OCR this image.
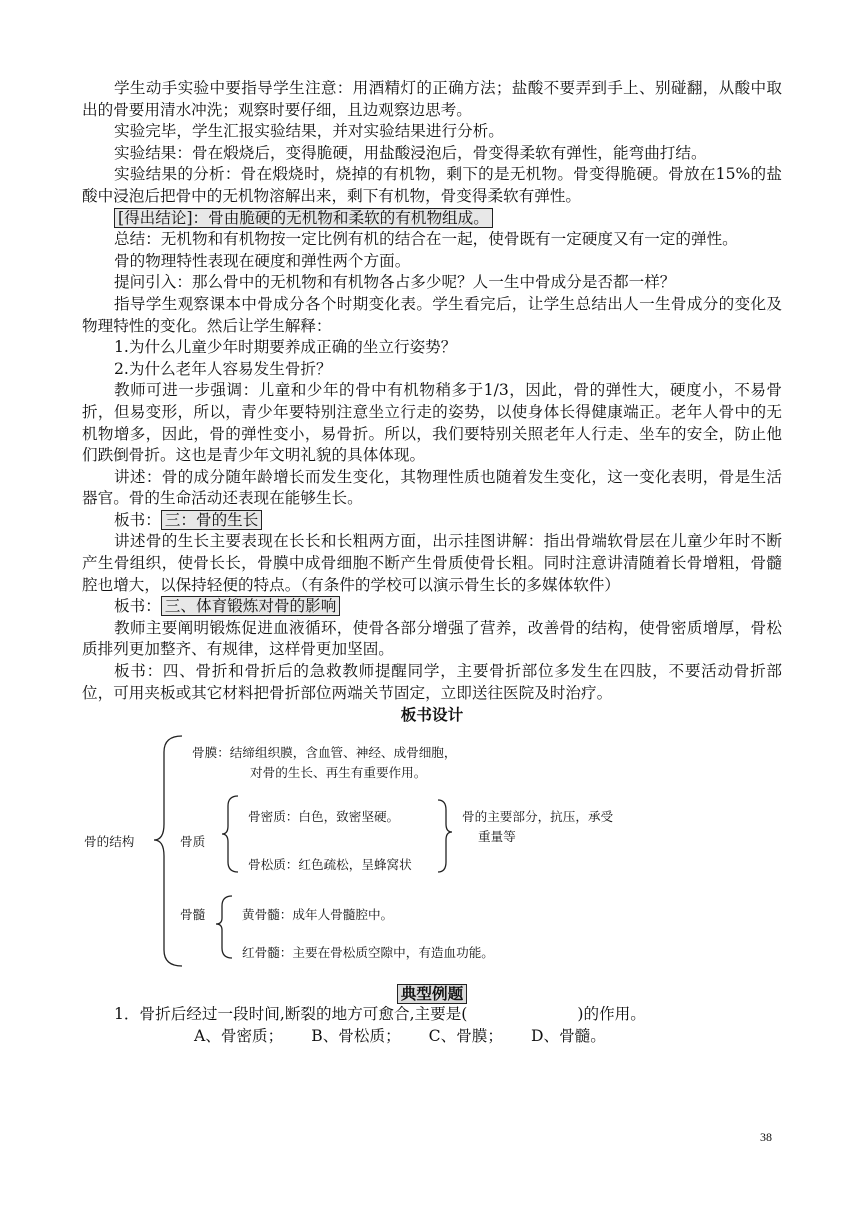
学生动手实验中要指导学生注意：用酒精灯的正确方法；盐酸不要弄到手上、别碰翻，从酸中取出的骨要用清水冲洗；观察时要仔细，且边观察边思考。

实验完毕，学生汇报实验结果，并对实验结果进行分析。

实验结果：骨在煅烧后，变得脆硬，用盐酸浸泡后，骨变得柔软有弹性，能弯曲打结。

实验结果的分析：骨在煅烧时，烧掉的有机物，剩下的是无机物。骨变得脆硬。骨放在15%的盐酸中浸泡后把骨中的无机物溶解出来，剩下有机物，骨变得柔软有弹性。

[得出结论]：骨由脆硬的无机物和柔软的有机物组成。

总结：无机物和有机物按一定比例有机的结合在一起，使骨既有一定硬度又有一定的弹性。

骨的物理特性表现在硬度和弹性两个方面。

提问引入：那么骨中的无机物和有机物各占多少呢？人一生中骨成分是否都一样？

指导学生观察课本中骨成分各个时期变化表。学生看完后，让学生总结出人一生骨成分的变化及物理特性的变化。然后让学生解释：

1.为什么儿童少年时期要养成正确的坐立行姿势？

2.为什么老年人容易发生骨折？

教师可进一步强调：儿童和少年的骨中有机物稍多于1/3，因此，骨的弹性大，硬度小，不易骨折，但易变形，所以，青少年要特别注意坐立行走的姿势，以使身体长得健康端正。老年人骨中的无机物增多，因此，骨的弹性变小，易骨折。所以，我们要特别关照老年人行走、坐车的安全，防止他们跌倒骨折。这也是青少年文明礼貌的具体体现。

讲述：骨的成分随年龄增长而发生变化，其物理性质也随着发生变化，这一变化表明，骨是生活器官。骨的生命活动还表现在能够生长。

板书： 三：骨的生长

讲述骨的生长主要表现在长长和长粗两方面，出示挂图讲解：指出骨端软骨层在儿童少年时不断产生骨组织，使骨长长，骨膜中成骨细胞不断产生骨质使骨长粗。同时注意讲清随着长骨增粗，骨髓腔也增大，以保持轻便的特点。（有条件的学校可以演示骨生长的多媒体软件）

板书： 三、体育锻炼对骨的影响

教师主要阐明锻炼促进血液循环，使骨各部分增强了营养，改善骨的结构，使骨密质增厚，骨松质排列更加整齐、有规律，这样骨更加坚固。

板书：四、骨折和骨折后的急救教师提醒同学，主要骨折部位多发生在四肢，不要活动骨折部位，可用夹板或其它材料把骨折部位两端关节固定，立即送往医院及时治疗。

板书设计
骨的结构
骨膜：结缔组织膜，含血管、神经、成骨细胞，
对骨的生长、再生有重要作用。
骨质
骨密质：白色，致密坚硬。
骨松质：红色疏松，呈蜂窝状
骨的主要部分，抗压，承受
重量等
骨髓	黄骨髓：成年人骨髓腔中。
红骨髓：主要在骨松质空隙中，有造血功能。
典型例题

1．骨折后经过一段时间,断裂的地方可愈合,主要是(	)的作用。

A、骨密质； B、骨松质； C、骨膜； D、骨髓。

38
